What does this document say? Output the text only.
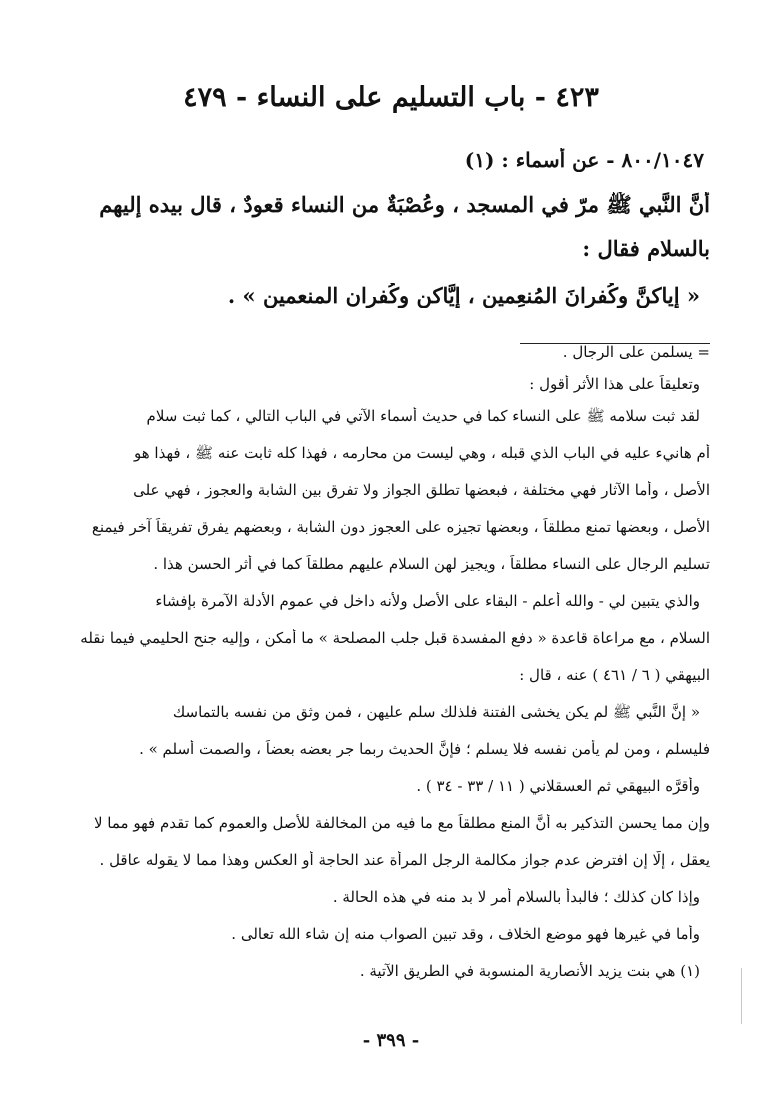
٤٢٣ - باب التسليم على النساء - ٤٧٩
٨٠٠/١٠٤٧ - عن أسماء : (١)
أنَّ النَّبي ﷺ مرّ في المسجد ، وعُصْبَةٌ من النساء قعودٌ ، قال بيده إليهم
بالسلام فقال :
« إياكنَّ وكُفرانَ المُنعِمين ، إيَّاكن وكُفران المنعمين » .
= يسلمن على الرجال .
وتعليقاً على هذا الأثر أقول :
لقد ثبت سلامه ﷺ على النساء كما في حديث أسماء الآتي في الباب التالي ، كما ثبت سلام
أم هانيء عليه في الباب الذي قبله ، وهي ليست من محارمه ، فهذا كله ثابت عنه ﷺ ، فهذا هو
الأصل ، وأما الآثار فهي مختلفة ، فبعضها تطلق الجواز ولا تفرق بين الشابة والعجوز ، فهي على
الأصل ، وبعضها تمنع مطلقاً ، وبعضها تجيزه على العجوز دون الشابة ، وبعضهم يفرق تفريقاً آخر فيمنع
تسليم الرجال على النساء مطلقاً ، ويجيز لهن السلام عليهم مطلقاً كما في أثر الحسن هذا .
والذي يتبين لي - والله أعلم - البقاء على الأصل ولأنه داخل في عموم الأدلة الآمرة بإفشاء
السلام ، مع مراعاة قاعدة « دفع المفسدة قبل جلب المصلحة » ما أمكن ، وإليه جنح الحليمي فيما نقله
البيهقي ( ٦ / ٤٦١ ) عنه ، قال :
« إنَّ النَّبي ﷺ لم يكن يخشى الفتنة فلذلك سلم عليهن ، فمن وثق من نفسه بالتماسك
فليسلم ، ومن لم يأمن نفسه فلا يسلم ؛ فإنَّ الحديث ربما جر بعضه بعضاً ، والصمت أسلم » .
وأقرَّه البيهقي ثم العسقلاني ( ١١ / ٣٣ - ٣٤ ) .
وإن مما يحسن التذكير به أنَّ المنع مطلقاً مع ما فيه من المخالفة للأصل والعموم كما تقدم فهو مما لا
يعقل ، إلَّا إن افترض عدم جواز مكالمة الرجل المرأة عند الحاجة أو العكس وهذا مما لا يقوله عاقل .
وإذا كان كذلك ؛ فالبدأ بالسلام أمر لا بد منه في هذه الحالة .
وأما في غيرها فهو موضع الخلاف ، وقد تبين الصواب منه إن شاء الله تعالى .
(١) هي بنت يزيد الأنصارية المنسوبة في الطريق الآتية .
- ٣٩٩ -
